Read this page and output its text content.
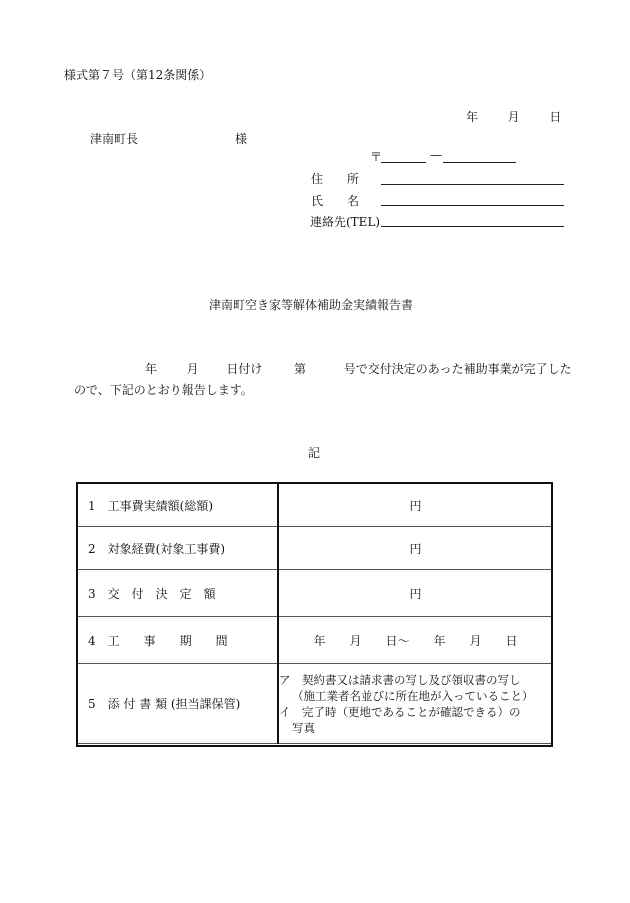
様式第７号（第12条関係）
年 月 日
津南町長	様
〒	—
住　　所
氏　　名
連絡先(TEL)
津南町空き家等解体補助金実績報告書
年 月 日付け	第	号で交付決定のあった補助事業が完了した
ので、下記のとおり報告します。
記
1　工事費実績額(総額)	円
2　対象経費(対象工事費)	円
3　交　付　決　定　額	円
4　工　　事　　期　　間	年　　月　　日～　　年　　月　　日
5　添 付 書 類 (担当課保管)	ア　契約書又は請求書の写し及び領収書の写し
（施工業者名並びに所在地が入っていること）
イ　完了時（更地であることが確認できる）の
写真
